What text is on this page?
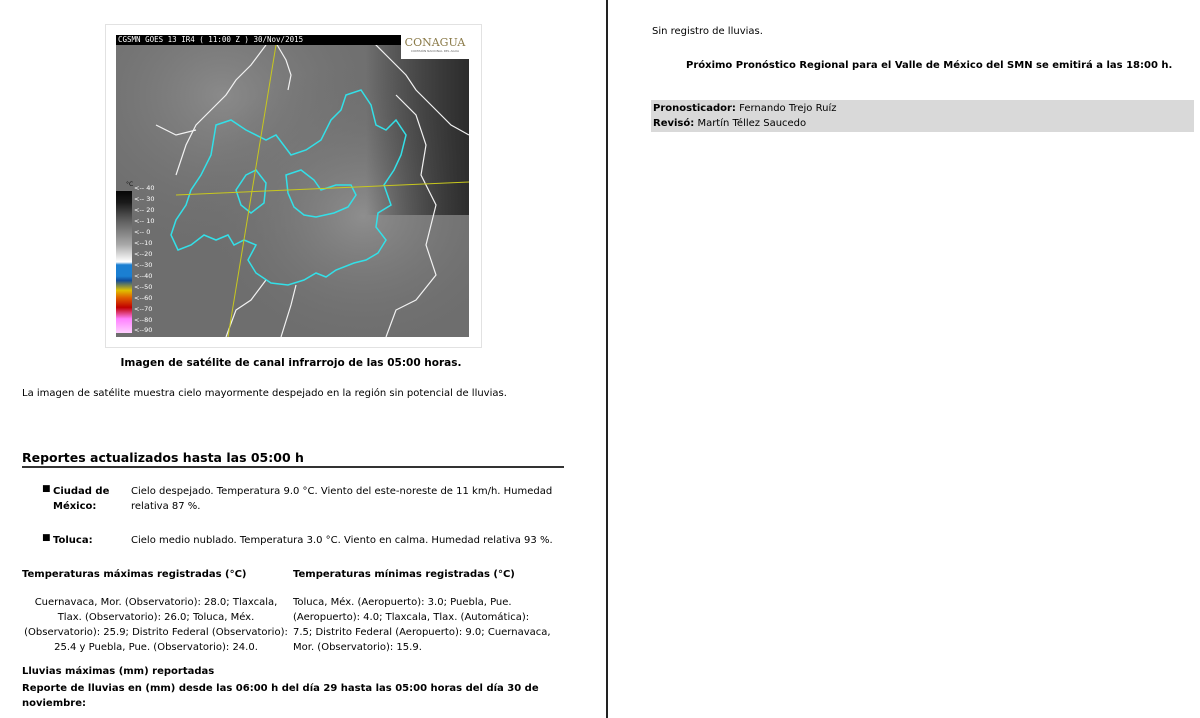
CGSMN GOES 13 IR4 ( 11:00 Z ) 30/Nov/2015	CONAGUA
COMISIÓN NACIONAL DEL AGUA
°C <-- 40
<-- 30
<-- 20
<-- 10
<-- 0
<--10
<--20
<--30
<--40
<--50
<--60
<--70
<--80
<--90
Imagen de satélite de canal infrarrojo de las 05:00 horas.
La imagen de satélite muestra cielo mayormente despejado en la región sin potencial de lluvias.
Reportes actualizados hasta las 05:00 h
■ Ciudad de México:
Cielo despejado. Temperatura 9.0 °C. Viento del este-noreste de 11 km/h. Humedad relativa 87 %.
■ Toluca:	Cielo medio nublado. Temperatura 3.0 °C. Viento en calma. Humedad relativa 93 %.
Temperaturas máximas registradas (°C)	Temperaturas mínimas registradas (°C)
Cuernavaca, Mor. (Observatorio): 28.0; Tlaxcala, Tlax. (Observatorio): 26.0; Toluca, Méx. (Observatorio): 25.9; Distrito Federal (Observatorio): 25.4 y Puebla, Pue. (Observatorio): 24.0.
Toluca, Méx. (Aeropuerto): 3.0; Puebla, Pue. (Aeropuerto): 4.0; Tlaxcala, Tlax. (Automática): 7.5; Distrito Federal (Aeropuerto): 9.0; Cuernavaca, Mor. (Observatorio): 15.9.
Lluvias máximas (mm) reportadas
Reporte de lluvias en (mm) desde las 06:00 h del día 29 hasta las 05:00 horas del día 30 de noviembre:
Sin registro de lluvias.
Próximo Pronóstico Regional para el Valle de México del SMN se emitirá a las 18:00 h.
Pronosticador: Fernando Trejo Ruíz
Revisó: Martín Téllez Saucedo
